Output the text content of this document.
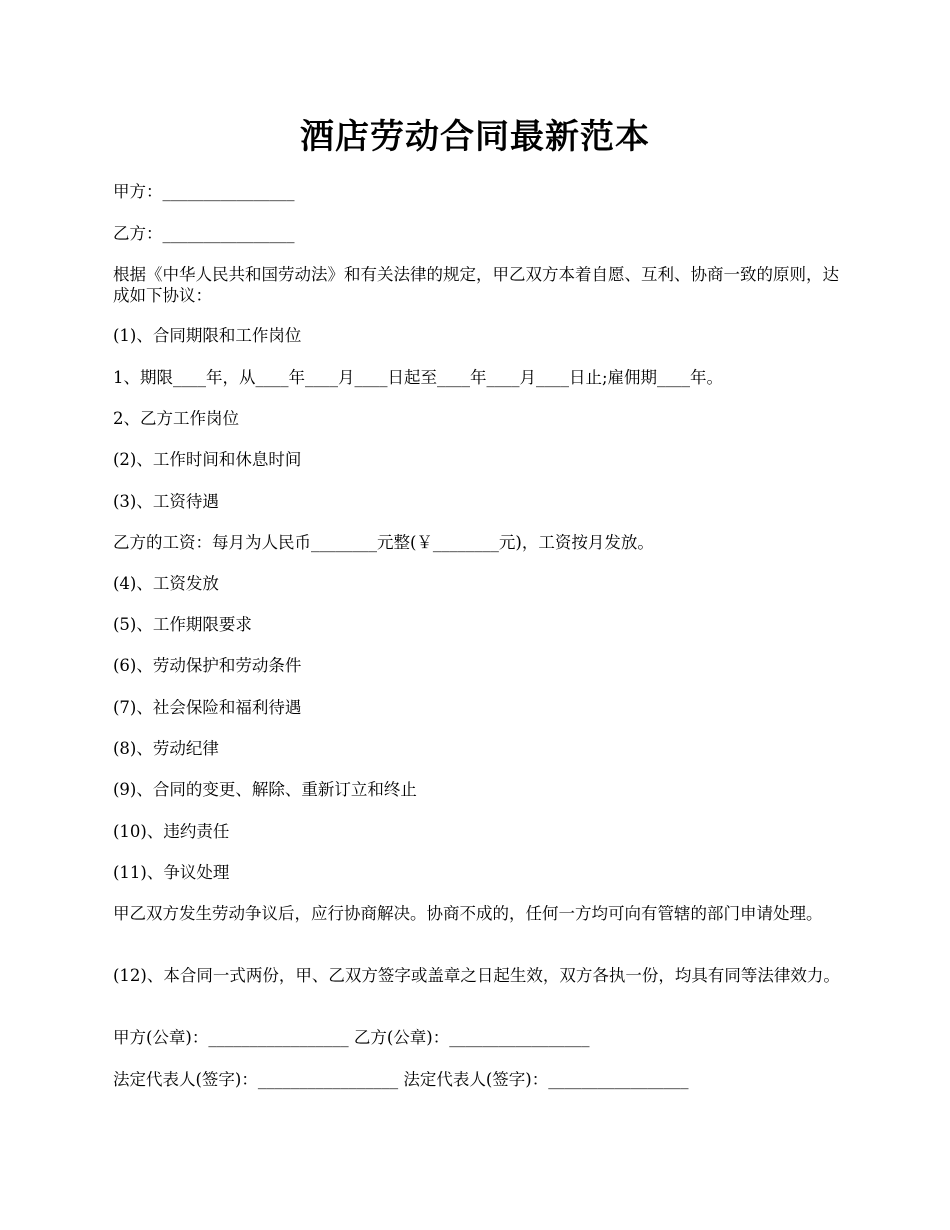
酒店劳动合同最新范本

甲方：________________

乙方：________________

根据《中华人民共和国劳动法》和有关法律的规定，甲乙双方本着自愿、互利、协商一致的原则，达成如下协议：

(1)、合同期限和工作岗位

1、期限____年，从____年____月____日起至____年____月____日止;雇佣期____年。

2、乙方工作岗位

(2)、工作时间和休息时间

(3)、工资待遇

乙方的工资：每月为人民币________元整(￥________元)，工资按月发放。

(4)、工资发放

(5)、工作期限要求

(6)、劳动保护和劳动条件

(7)、社会保险和福利待遇

(8)、劳动纪律

(9)、合同的变更、解除、重新订立和终止

(10)、违约责任

(11)、争议处理

甲乙双方发生劳动争议后，应行协商解决。协商不成的，任何一方均可向有管辖的部门申请处理。

(12)、本合同一式两份，甲、乙双方签字或盖章之日起生效，双方各执一份，均具有同等法律效力。

甲方(公章)：_________________ 乙方(公章)：_________________

法定代表人(签字)：_________________ 法定代表人(签字)：_________________
